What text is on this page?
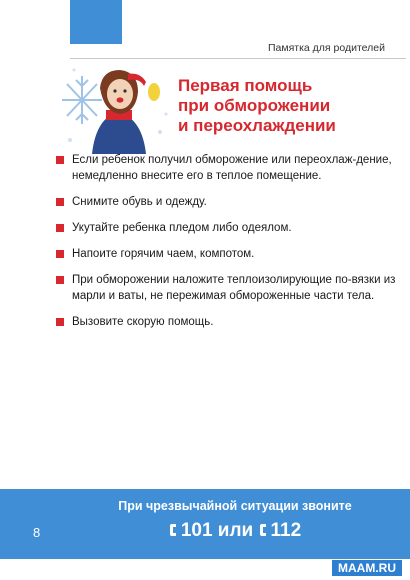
Памятка для родителей
Первая помощь
при обморожении
и переохлаждении
Если ребенок получил обморожение или переохлаж-дение, немедленно внесите его в теплое помещение.
Снимите обувь и одежду.
Укутайте ребенка пледом либо одеялом.
Напоите горячим чаем, компотом.
При обморожении наложите теплоизолирующие по-вязки из марли и ваты, не пережимая обмороженные части тела.
Вызовите скорую помощь.
8
При чрезвычайной ситуации звоните
101 или 112
MAAM.RU
